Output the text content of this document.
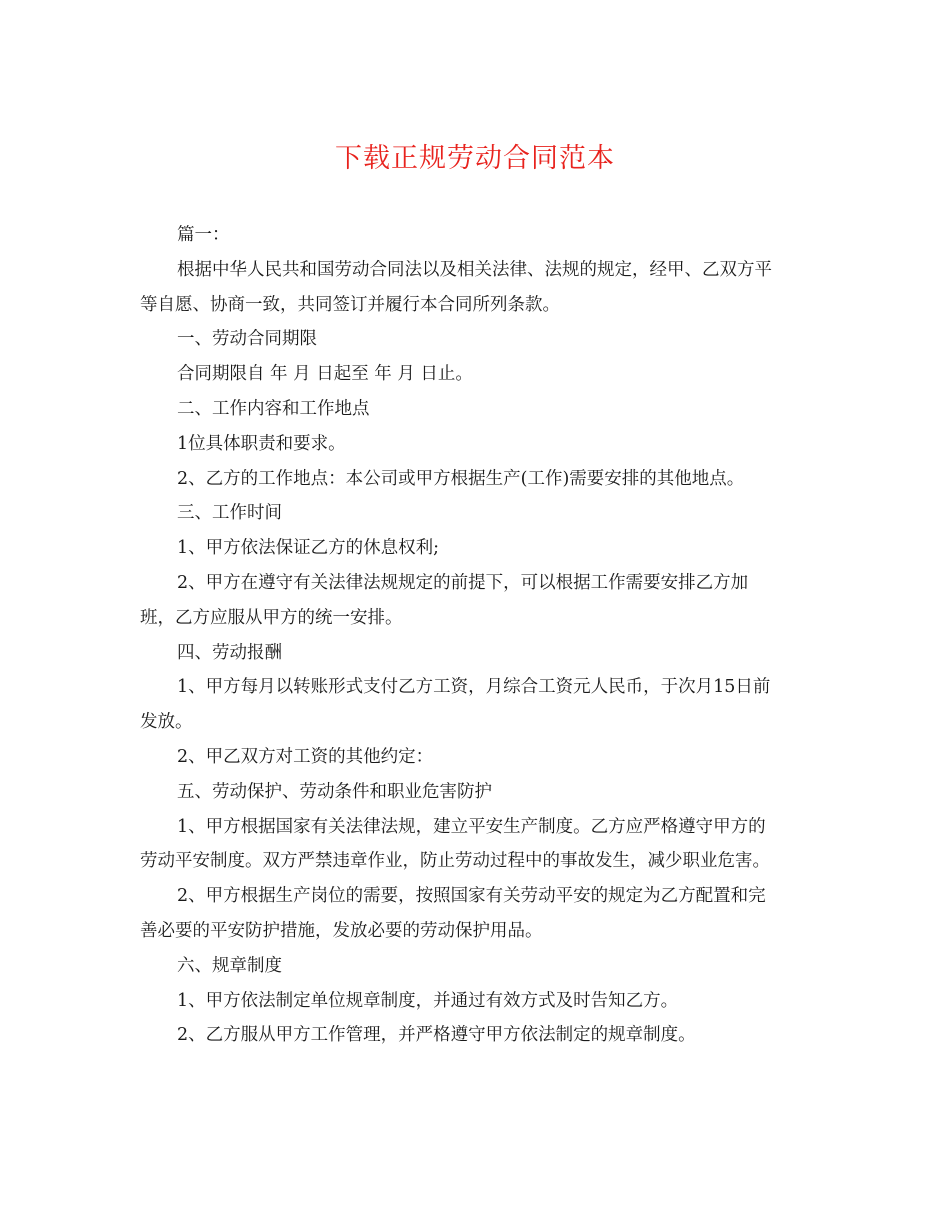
下载正规劳动合同范本
篇一：
根据中华人民共和国劳动合同法以及相关法律、法规的规定，经甲、乙双方平
等自愿、协商一致，共同签订并履行本合同所列条款。
一、劳动合同期限
合同期限自 年 月 日起至 年 月 日止。
二、工作内容和工作地点
1位具体职责和要求。
2、乙方的工作地点：本公司或甲方根据生产(工作)需要安排的其他地点。
三、工作时间
1、甲方依法保证乙方的休息权利;
2、甲方在遵守有关法律法规规定的前提下，可以根据工作需要安排乙方加
班，乙方应服从甲方的统一安排。
四、劳动报酬
1、甲方每月以转账形式支付乙方工资，月综合工资元人民币，于次月15日前
发放。
2、甲乙双方对工资的其他约定：
五、劳动保护、劳动条件和职业危害防护
1、甲方根据国家有关法律法规，建立平安生产制度。乙方应严格遵守甲方的
劳动平安制度。双方严禁违章作业，防止劳动过程中的事故发生，减少职业危害。
2、甲方根据生产岗位的需要，按照国家有关劳动平安的规定为乙方配置和完
善必要的平安防护措施，发放必要的劳动保护用品。
六、规章制度
1、甲方依法制定单位规章制度，并通过有效方式及时告知乙方。
2、乙方服从甲方工作管理，并严格遵守甲方依法制定的规章制度。
